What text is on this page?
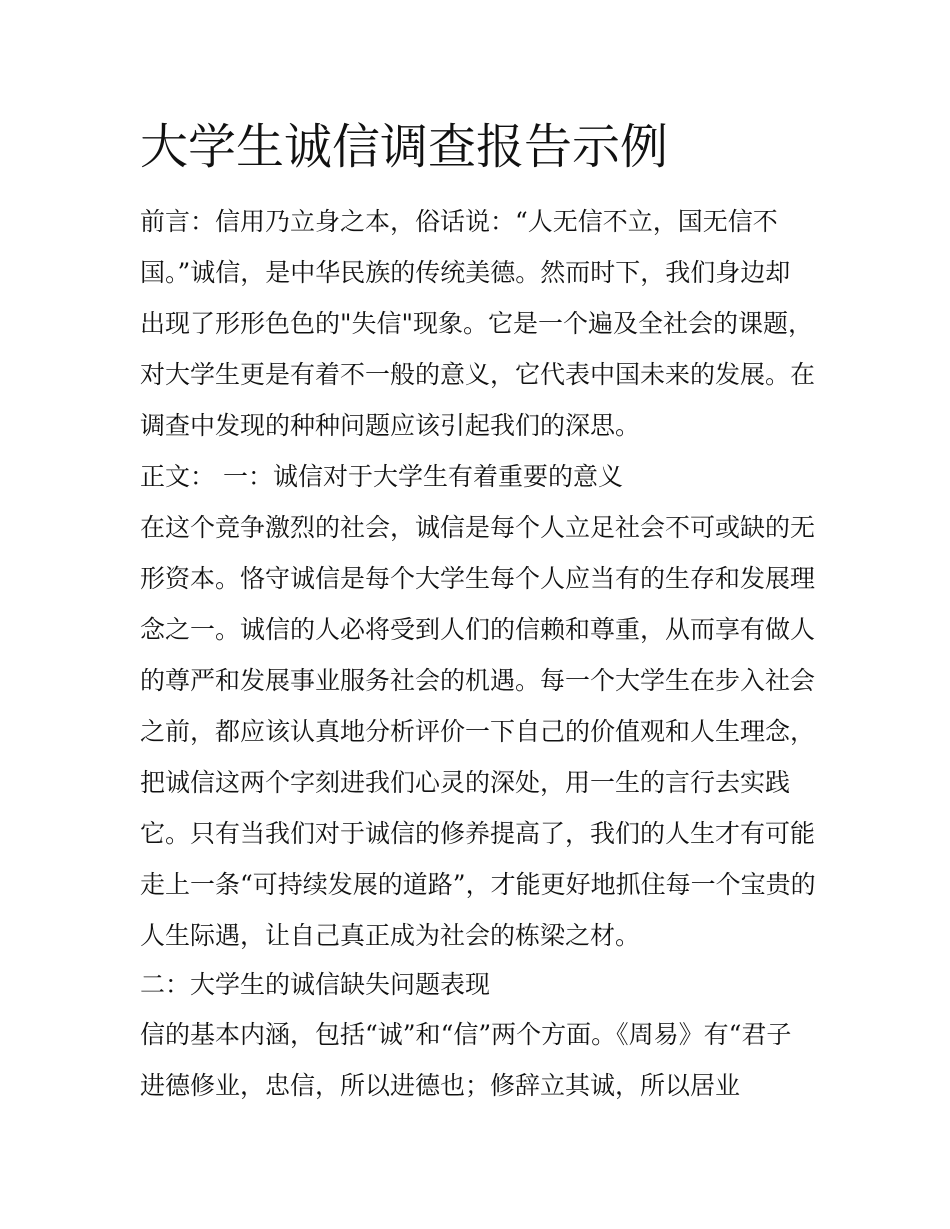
大学生诚信调查报告示例

前言：信用乃立身之本，俗话说：“人无信不立，国无信不

国。”诚信，是中华民族的传统美德。然而时下，我们身边却

出现了形形色色的"失信"现象。它是一个遍及全社会的课题，

对大学生更是有着不一般的意义，它代表中国未来的发展。在

调查中发现的种种问题应该引起我们的深思。

正文： 一：诚信对于大学生有着重要的意义

在这个竞争激烈的社会，诚信是每个人立足社会不可或缺的无

形资本。恪守诚信是每个大学生每个人应当有的生存和发展理

念之一。诚信的人必将受到人们的信赖和尊重，从而享有做人

的尊严和发展事业服务社会的机遇。每一个大学生在步入社会

之前，都应该认真地分析评价一下自己的价值观和人生理念，

把诚信这两个字刻进我们心灵的深处，用一生的言行去实践

它。只有当我们对于诚信的修养提高了，我们的人生才有可能

走上一条“可持续发展的道路”，才能更好地抓住每一个宝贵的

人生际遇，让自己真正成为社会的栋梁之材。

二：大学生的诚信缺失问题表现

信的基本内涵，包括“诚”和“信”两个方面。《周易》有“君子

进德修业，忠信，所以进德也；修辞立其诚，所以居业
